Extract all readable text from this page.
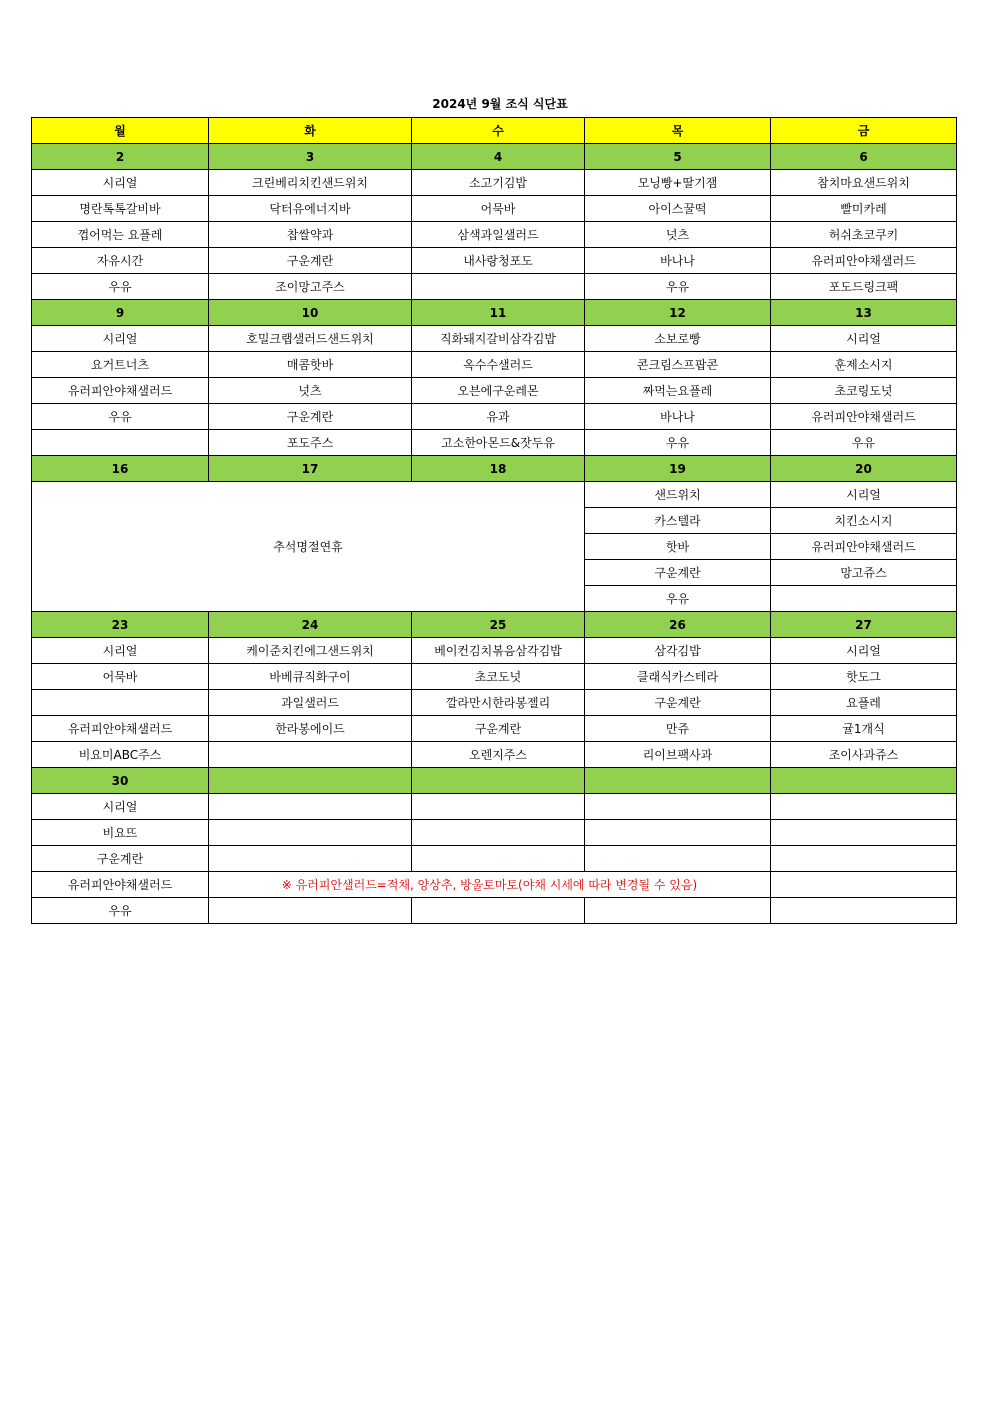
2024년 9월 조식 식단표
월	화	수	목	금
2	3	4	5	6
시리얼	크린베리치킨샌드위치	소고기김밥	모닝빵+딸기잼	참치마요샌드위치
명란톡톡갈비바	닥터유에너지바	어묵바	아이스꿀떡	빨미카레
껍어먹는 요플레	찹쌀약과	삼색과일샐러드	넛츠	허쉬초코쿠키
자유시간	구운계란	내사랑청포도	바나나	유러피안야채샐러드
우유	조이망고주스		우유	포도드링크팩
9	10	11	12	13
시리얼	호밀크랩샐러드샌드위치	직화돼지갈비삼각김밥	소보로빵	시리얼
요거트너츠	매콤핫바	옥수수샐러드	콘크림스프팝콘	훈제소시지
유러피안야채샐러드	넛츠	오븐에구운레몬	짜먹는요플레	초코링도넛
우유	구운계란	유과	바나나	유러피안야채샐러드
	포도주스	고소한아몬드&잣두유	우유	우유
16	17	18	19	20
추석명절연휴			샌드위치	시리얼
			카스텔라	치킨소시지
			핫바	유러피안야채샐러드
			구운계란	망고쥬스
			우유	
23	24	25	26	27
시리얼	케이준치킨에그샌드위치	베이컨김치볶음삼각김밥	삼각김밥	시리얼
어묵바	바베큐직화구이	초코도넛	클래식카스테라	핫도그
	과일샐러드	깔라만시한라봉젤리	구운계란	요플레
유러피안야채샐러드	한라봉에이드	구운계란	만쥬	귤1개식
비요미ABC주스		오렌지주스	리이브팩사과	조이사과쥬스
30				
시리얼				
비요뜨				
구운계란				
유러피안야채샐러드	※ 유러피안샐러드=적채, 양상추, 방울토마토(야채 시세에 따라 변경될 수 있음)			
우유				
